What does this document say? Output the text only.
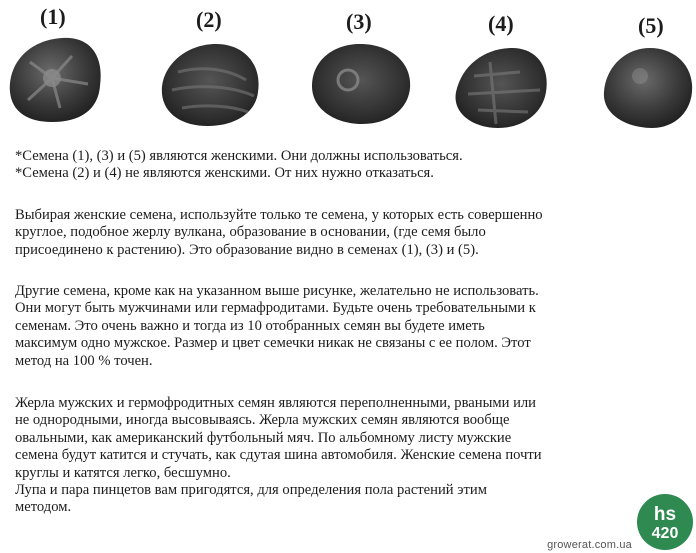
(1)	(2)	(3)	(4)	(5)

*Семена (1), (3) и (5) являются женскими. Они должны использоваться.

*Семена (2) и (4) не являются женскими. От них нужно отказаться.

Выбирая женские семена, используйте только те семена, у которых есть совершенно

круглое, подобное жерлу вулкана, образование в основании, (где семя было

присоединено к растению). Это образование видно в семенах (1), (3) и (5).

Другие семена, кроме как на указанном выше рисунке, желательно не использовать.

Они могут быть мужчинами или гермафродитами. Будьте очень требовательными к

семенам. Это очень важно и тогда из 10 отобранных семян вы будете иметь

максимум одно мужское. Размер и цвет семечки никак не связаны с ее полом. Этот

метод на 100 % точен.

Жерла мужских и гермофродитных семян являются переполненными, рваными или

не однородными, иногда высовываясь. Жерла мужских семян являются вообще

овальными, как американский футбольный мяч. По альбомному листу мужские

семена будут катится и стучать, как сдутая шина автомобиля. Женские семена почти

круглы и катятся легко, бесшумно.

Лупа и пара пинцетов вам пригодятся, для определения пола растений этим

методом.

growerat.com.ua
hs
420
